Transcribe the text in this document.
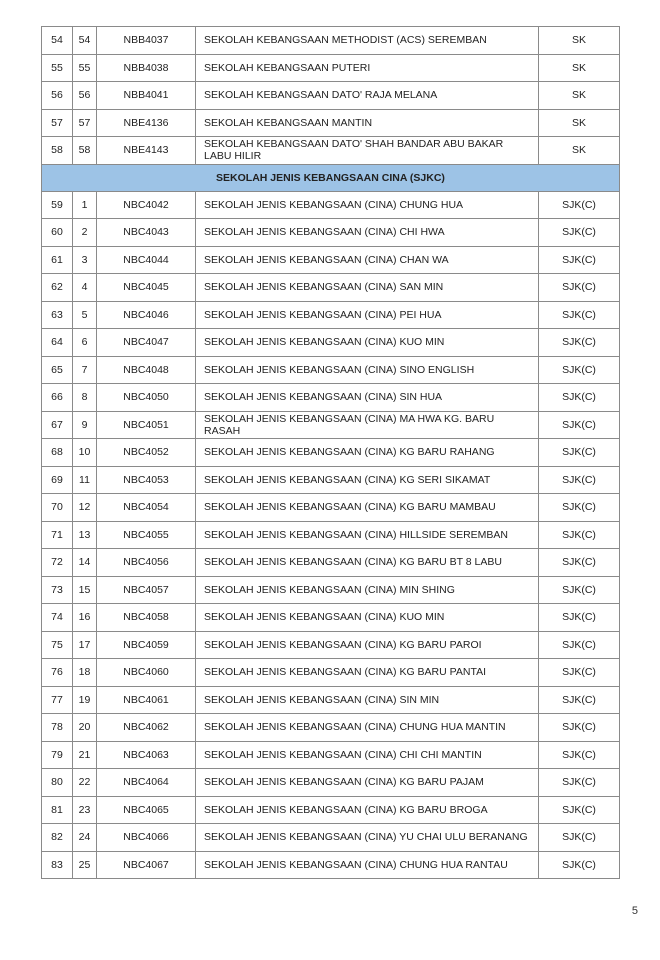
54	54	NBB4037	SEKOLAH KEBANGSAAN METHODIST (ACS) SEREMBAN	SK
55	55	NBB4038	SEKOLAH KEBANGSAAN PUTERI	SK
56	56	NBB4041	SEKOLAH KEBANGSAAN DATO' RAJA MELANA	SK
57	57	NBE4136	SEKOLAH KEBANGSAAN MANTIN	SK
58	58	NBE4143	SEKOLAH KEBANGSAAN DATO' SHAH BANDAR ABU BAKAR LABU HILIR	SK
SEKOLAH JENIS KEBANGSAAN CINA (SJKC)				
59	1	NBC4042	SEKOLAH JENIS KEBANGSAAN (CINA) CHUNG HUA	SJK(C)
60	2	NBC4043	SEKOLAH JENIS KEBANGSAAN (CINA) CHI HWA	SJK(C)
61	3	NBC4044	SEKOLAH JENIS KEBANGSAAN (CINA) CHAN WA	SJK(C)
62	4	NBC4045	SEKOLAH JENIS KEBANGSAAN (CINA) SAN MIN	SJK(C)
63	5	NBC4046	SEKOLAH JENIS KEBANGSAAN (CINA) PEI HUA	SJK(C)
64	6	NBC4047	SEKOLAH JENIS KEBANGSAAN (CINA) KUO MIN	SJK(C)
65	7	NBC4048	SEKOLAH JENIS KEBANGSAAN (CINA) SINO ENGLISH	SJK(C)
66	8	NBC4050	SEKOLAH JENIS KEBANGSAAN (CINA) SIN HUA	SJK(C)
67	9	NBC4051	SEKOLAH JENIS KEBANGSAAN (CINA) MA HWA KG. BARU RASAH	SJK(C)
68	10	NBC4052	SEKOLAH JENIS KEBANGSAAN (CINA) KG BARU RAHANG	SJK(C)
69	11	NBC4053	SEKOLAH JENIS KEBANGSAAN (CINA) KG SERI SIKAMAT	SJK(C)
70	12	NBC4054	SEKOLAH JENIS KEBANGSAAN (CINA) KG BARU MAMBAU	SJK(C)
71	13	NBC4055	SEKOLAH JENIS KEBANGSAAN (CINA) HILLSIDE SEREMBAN	SJK(C)
72	14	NBC4056	SEKOLAH JENIS KEBANGSAAN (CINA) KG BARU BT 8 LABU	SJK(C)
73	15	NBC4057	SEKOLAH JENIS KEBANGSAAN (CINA) MIN SHING	SJK(C)
74	16	NBC4058	SEKOLAH JENIS KEBANGSAAN (CINA) KUO MIN	SJK(C)
75	17	NBC4059	SEKOLAH JENIS KEBANGSAAN (CINA) KG BARU PAROI	SJK(C)
76	18	NBC4060	SEKOLAH JENIS KEBANGSAAN (CINA) KG BARU PANTAI	SJK(C)
77	19	NBC4061	SEKOLAH JENIS KEBANGSAAN (CINA) SIN MIN	SJK(C)
78	20	NBC4062	SEKOLAH JENIS KEBANGSAAN (CINA) CHUNG HUA MANTIN	SJK(C)
79	21	NBC4063	SEKOLAH JENIS KEBANGSAAN (CINA) CHI CHI MANTIN	SJK(C)
80	22	NBC4064	SEKOLAH JENIS KEBANGSAAN (CINA) KG BARU PAJAM	SJK(C)
81	23	NBC4065	SEKOLAH JENIS KEBANGSAAN (CINA) KG BARU BROGA	SJK(C)
82	24	NBC4066	SEKOLAH JENIS KEBANGSAAN (CINA) YU CHAI ULU BERANANG	SJK(C)
83	25	NBC4067	SEKOLAH JENIS KEBANGSAAN (CINA) CHUNG HUA RANTAU	SJK(C)
5
